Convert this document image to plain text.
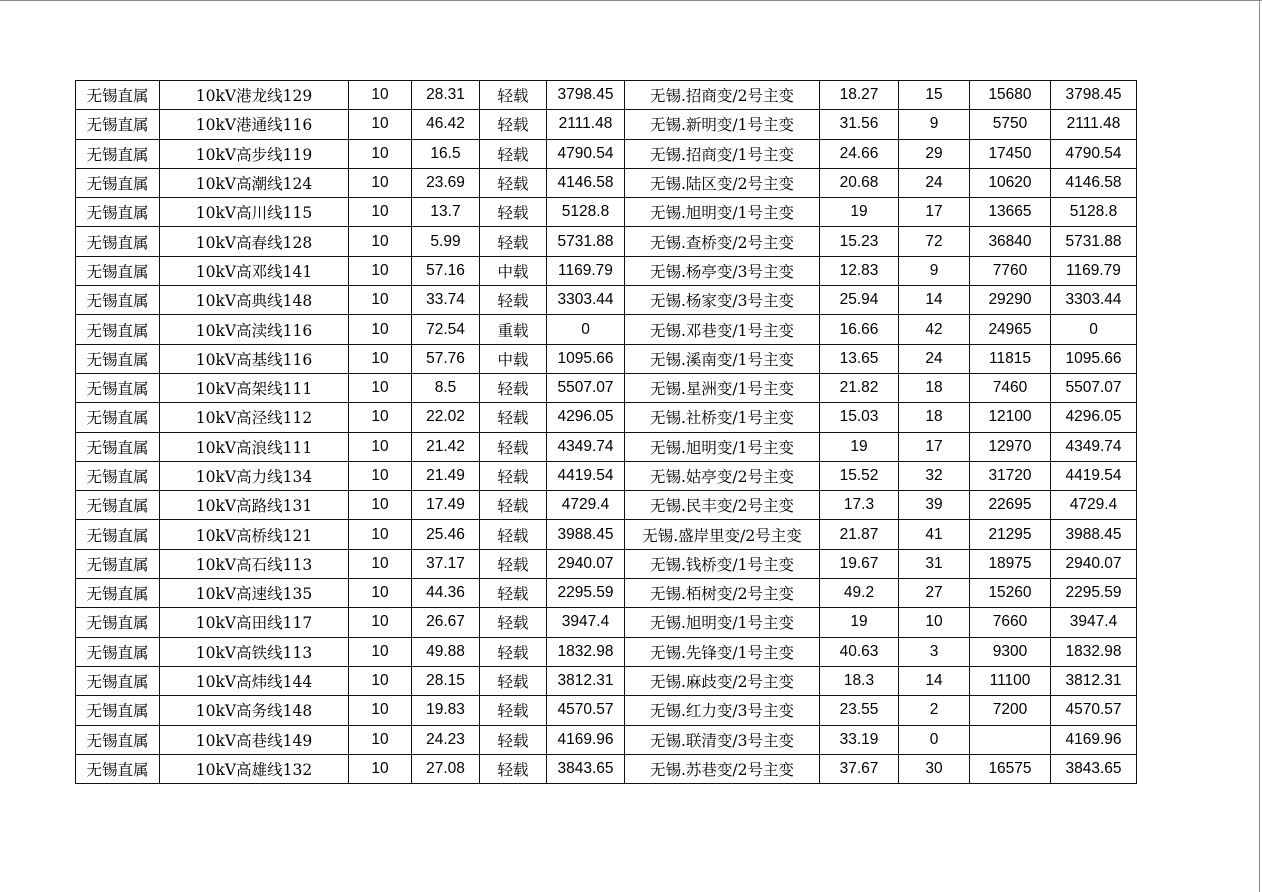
无锡直属	10kV港龙线129	10	28.31	轻载	3798.45	无锡.招商变/2号主变	18.27	15	15680	3798.45
无锡直属	10kV港通线116	10	46.42	轻载	2111.48	无锡.新明变/1号主变	31.56	9	5750	2111.48
无锡直属	10kV高步线119	10	16.5	轻载	4790.54	无锡.招商变/1号主变	24.66	29	17450	4790.54
无锡直属	10kV高潮线124	10	23.69	轻载	4146.58	无锡.陆区变/2号主变	20.68	24	10620	4146.58
无锡直属	10kV高川线115	10	13.7	轻载	5128.8	无锡.旭明变/1号主变	19	17	13665	5128.8
无锡直属	10kV高春线128	10	5.99	轻载	5731.88	无锡.查桥变/2号主变	15.23	72	36840	5731.88
无锡直属	10kV高邓线141	10	57.16	中载	1169.79	无锡.杨亭变/3号主变	12.83	9	7760	1169.79
无锡直属	10kV高典线148	10	33.74	轻载	3303.44	无锡.杨家变/3号主变	25.94	14	29290	3303.44
无锡直属	10kV高渎线116	10	72.54	重载	0	无锡.邓巷变/1号主变	16.66	42	24965	0
无锡直属	10kV高基线116	10	57.76	中载	1095.66	无锡.溪南变/1号主变	13.65	24	11815	1095.66
无锡直属	10kV高架线111	10	8.5	轻载	5507.07	无锡.星洲变/1号主变	21.82	18	7460	5507.07
无锡直属	10kV高泾线112	10	22.02	轻载	4296.05	无锡.社桥变/1号主变	15.03	18	12100	4296.05
无锡直属	10kV高浪线111	10	21.42	轻载	4349.74	无锡.旭明变/1号主变	19	17	12970	4349.74
无锡直属	10kV高力线134	10	21.49	轻载	4419.54	无锡.姑亭变/2号主变	15.52	32	31720	4419.54
无锡直属	10kV高路线131	10	17.49	轻载	4729.4	无锡.民丰变/2号主变	17.3	39	22695	4729.4
无锡直属	10kV高桥线121	10	25.46	轻载	3988.45	无锡.盛岸里变/2号主变	21.87	41	21295	3988.45
无锡直属	10kV高石线113	10	37.17	轻载	2940.07	无锡.钱桥变/1号主变	19.67	31	18975	2940.07
无锡直属	10kV高速线135	10	44.36	轻载	2295.59	无锡.栢树变/2号主变	49.2	27	15260	2295.59
无锡直属	10kV高田线117	10	26.67	轻载	3947.4	无锡.旭明变/1号主变	19	10	7660	3947.4
无锡直属	10kV高铁线113	10	49.88	轻载	1832.98	无锡.先锋变/1号主变	40.63	3	9300	1832.98
无锡直属	10kV高炜线144	10	28.15	轻载	3812.31	无锡.麻歧变/2号主变	18.3	14	11100	3812.31
无锡直属	10kV高务线148	10	19.83	轻载	4570.57	无锡.红力变/3号主变	23.55	2	7200	4570.57
无锡直属	10kV高巷线149	10	24.23	轻载	4169.96	无锡.联清变/3号主变	33.19	0		4169.96
无锡直属	10kV高雄线132	10	27.08	轻载	3843.65	无锡.苏巷变/2号主变	37.67	30	16575	3843.65
